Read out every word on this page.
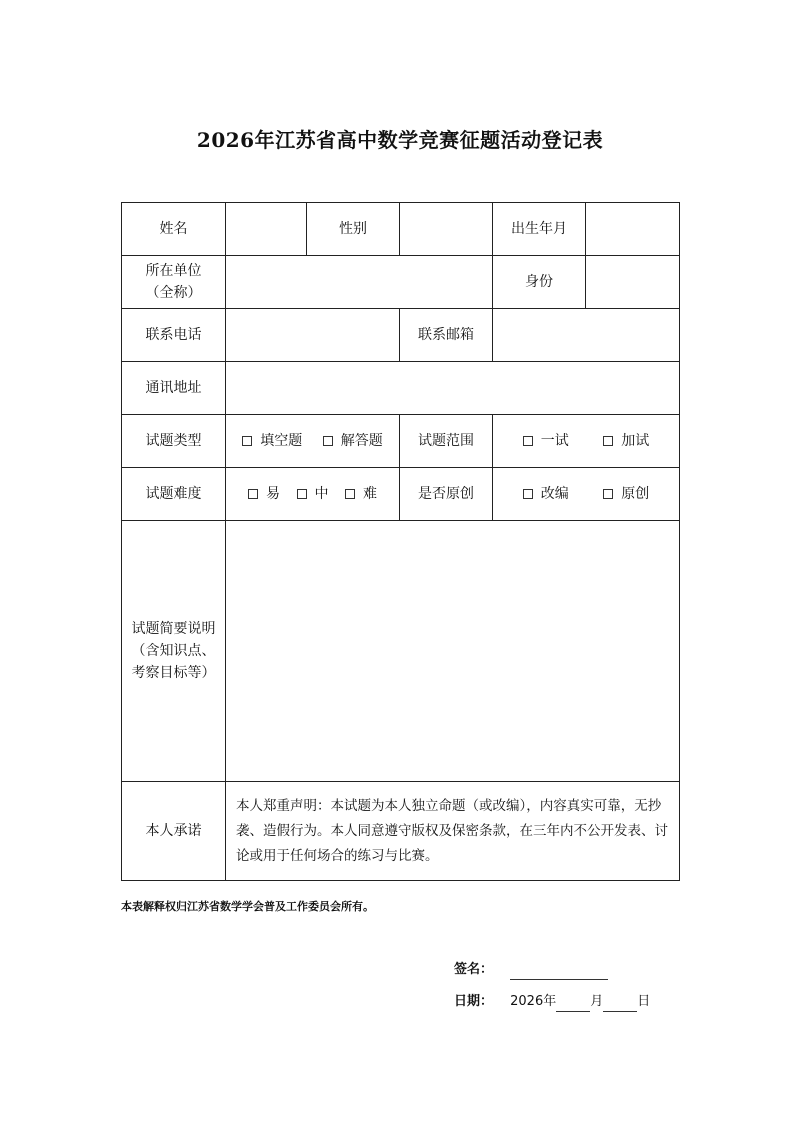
2026年江苏省高中数学竞赛征题活动登记表
姓名		性别		出生年月	

所在单位
（全称）				身份	
联系电话			联系邮箱		
通讯地址					
试题类型	填空题 解答题		试题范围	一试 加试	
试题难度	易 中 难		是否原创	改编 原创	

试题简要说明
（含知识点、
考察目标等）					

本人承诺	本人郑重声明：本试题为本人独立命题（或改编），内容真实可靠，无抄袭、造假行为。本人同意遵守版权及保密条款，在三年内不公开发表、讨论或用于任何场合的练习与比赛。				
本表解释权归江苏省数学学会普及工作委员会所有。
签名：
日期： 2026年	月	日
